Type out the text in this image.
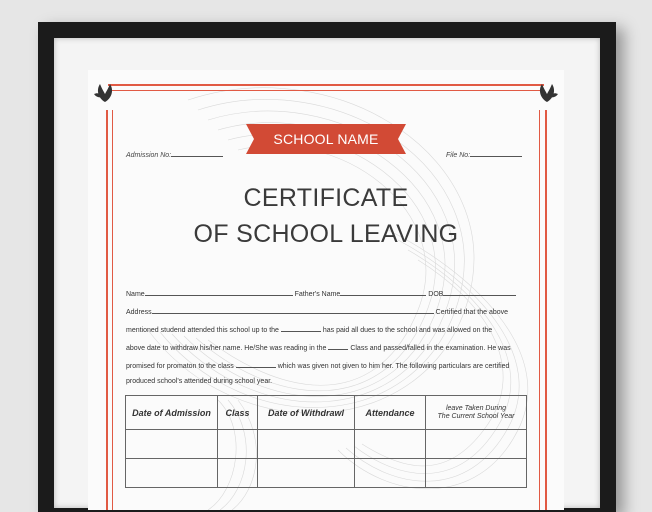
SCHOOL NAME
Admission No:	File No:
CERTIFICATE
OF SCHOOL LEAVING
Name	Father's Name	DOB
Address	Certified that the above
mentioned studend attended this school up to the	has paid all dues to the school and was allowed on the
above date to withdraw his/her name. He/She was reading in the	Class and passed/falled in the examination. He was
promised for promaton to the class	which was given not given to him her. The following particulars are certified
produced school's attended during school year.
Date of Admission	Class	Date of Withdrawl	Attendance	leave Taken During
The Current School Year
